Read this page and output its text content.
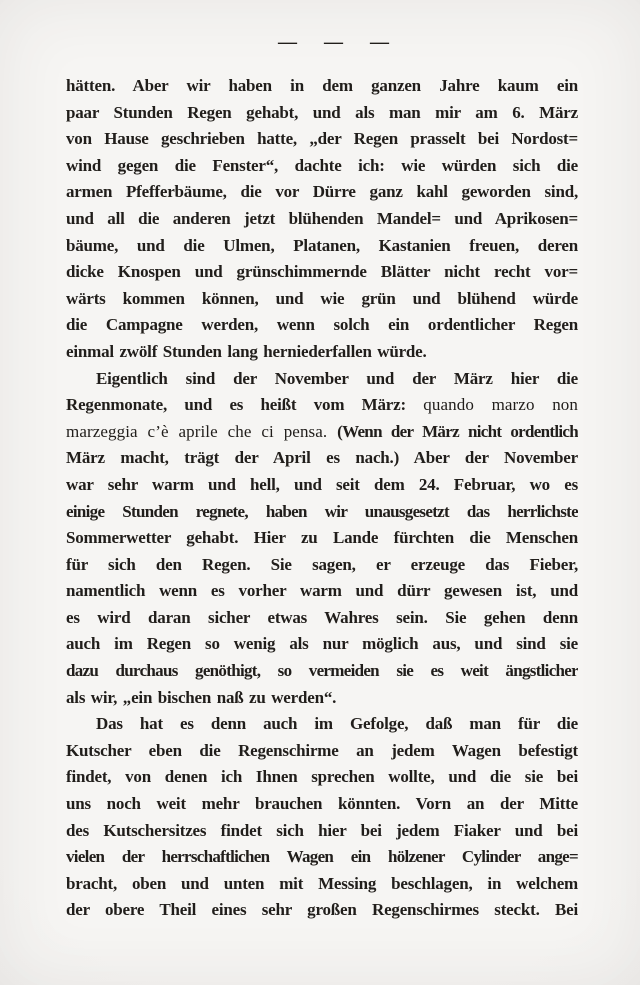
— — —
hätten. Aber wir haben in dem ganzen Jahre kaum ein
paar Stunden Regen gehabt, und als man mir am 6. März
von Hause geschrieben hatte, „der Regen prasselt bei Nordost=
wind gegen die Fenster“, dachte ich: wie würden sich die
armen Pfefferbäume, die vor Dürre ganz kahl geworden sind,
und all die anderen jetzt blühenden Mandel= und Aprikosen=
bäume, und die Ulmen, Platanen, Kastanien freuen, deren
dicke Knospen und grünschimmernde Blätter nicht recht vor=
wärts kommen können, und wie grün und blühend würde
die Campagne werden, wenn solch ein ordentlicher Regen
einmal zwölf Stunden lang herniederfallen würde.
Eigentlich sind der November und der März hier die
Regenmonate, und es heißt vom März: quando marzo non
marzeggia c’è aprile che ci pensa. (Wenn der März nicht ordentlich
März macht, trägt der April es nach.) Aber der November
war sehr warm und hell, und seit dem 24. Februar, wo es
einige Stunden regnete, haben wir unausgesetzt das herrlichste
Sommerwetter gehabt. Hier zu Lande fürchten die Menschen
für sich den Regen. Sie sagen, er erzeuge das Fieber,
namentlich wenn es vorher warm und dürr gewesen ist, und
es wird daran sicher etwas Wahres sein. Sie gehen denn
auch im Regen so wenig als nur möglich aus, und sind sie
dazu durchaus genöthigt, so vermeiden sie es weit ängstlicher
als wir, „ein bischen naß zu werden“.
Das hat es denn auch im Gefolge, daß man für die
Kutscher eben die Regenschirme an jedem Wagen befestigt
findet, von denen ich Ihnen sprechen wollte, und die sie bei
uns noch weit mehr brauchen könnten. Vorn an der Mitte
des Kutschersitzes findet sich hier bei jedem Fiaker und bei
vielen der herrschaftlichen Wagen ein hölzener Cylinder ange=
bracht, oben und unten mit Messing beschlagen, in welchem
der obere Theil eines sehr großen Regenschirmes steckt. Bei
